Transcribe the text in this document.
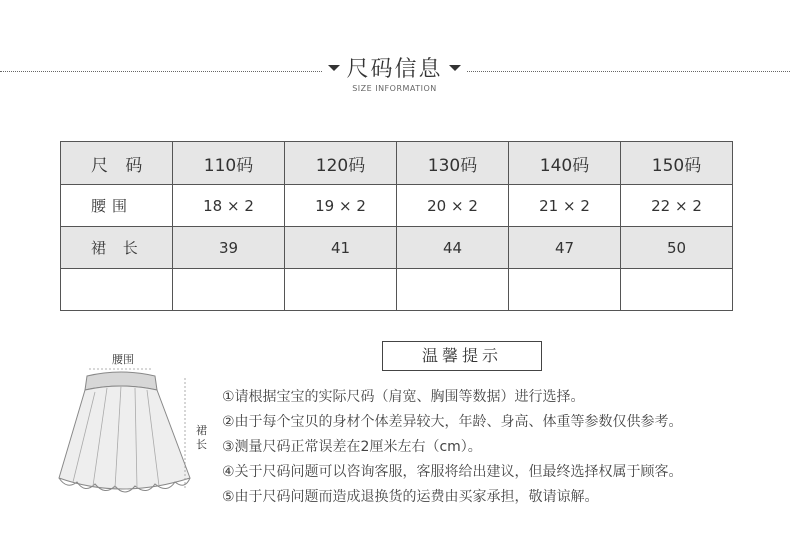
尺码信息
SIZE INFORMATION
尺 码	110码	120码	130码	140码	150码
腰围	18 × 2	19 × 2	20 × 2	21 × 2	22 × 2
裙 长	39	41	44	47	50

腰围
裙长
温馨提示
①请根据宝宝的实际尺码（肩宽、胸围等数据）进行选择。
②由于每个宝贝的身材个体差异较大，年龄、身高、体重等参数仅供参考。
③测量尺码正常误差在2厘米左右（cm）。
④关于尺码问题可以咨询客服，客服将给出建议，但最终选择权属于顾客。
⑤由于尺码问题而造成退换货的运费由买家承担，敬请谅解。
